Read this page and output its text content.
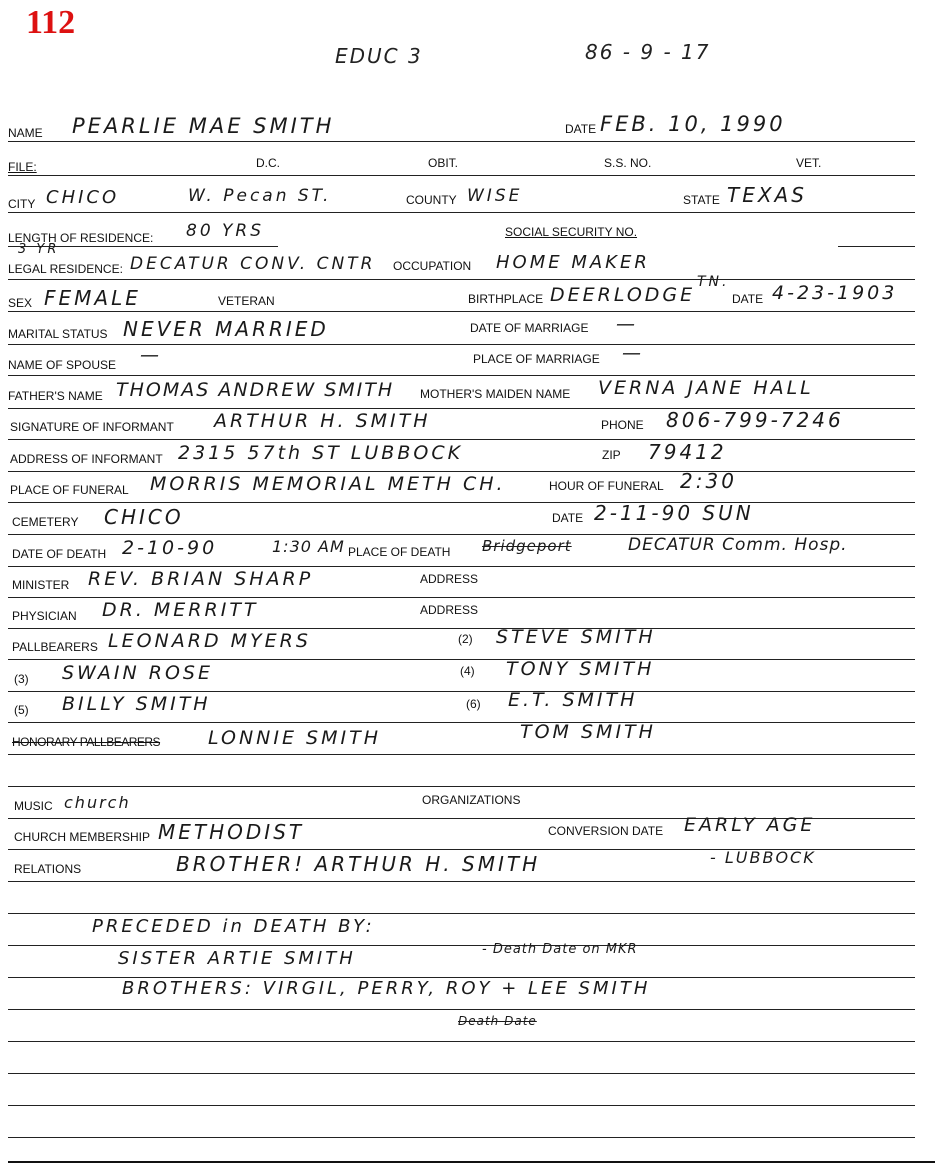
112
EDUC 3	86 - 9 - 17
NAME PEARLIE MAE SMITH	DATE FEB. 10, 1990
FILE:	D.C.	OBIT.	S.S. NO.	VET.
CITY CHICO	W. Pecan ST.	COUNTY WISE	STATE TEXAS
LENGTH OF RESIDENCE: 80 YRS	SOCIAL SECURITY NO.
3 YR
LEGAL RESIDENCE: DECATUR CONV. CNTR OCCUPATION HOME MAKER
SEX FEMALE	VETERAN	BIRTHPLACE DEERLODGE
TN.
DATE 4-23-1903
MARITAL STATUS NEVER MARRIED	DATE OF MARRIAGE —
NAME OF SPOUSE —	PLACE OF MARRIAGE —
FATHER'S NAME THOMAS ANDREW SMITH MOTHER'S MAIDEN NAME VERNA JANE HALL
SIGNATURE OF INFORMANT ARTHUR H. SMITH	PHONE 806-799-7246
ADDRESS OF INFORMANT 2315 57th ST LUBBOCK	ZIP 79412
PLACE OF FUNERAL MORRIS MEMORIAL METH CH.	HOUR OF FUNERAL 2:30
CEMETERY CHICO	DATE 2-11-90 SUN
DATE OF DEATH 2-10-90	1:30 AM PLACE OF DEATH Bridgeport	DECATUR Comm. Hosp.
MINISTER REV. BRIAN SHARP	ADDRESS
PHYSICIAN DR. MERRITT	ADDRESS
PALLBEARERS LEONARD MYERS	(2) STEVE SMITH
(3) SWAIN ROSE	(4) TONY SMITH
(5) BILLY SMITH	(6) E.T. SMITH
HONORARY PALLBEARERS	LONNIE SMITH	TOM SMITH
MUSIC church	ORGANIZATIONS
CHURCH MEMBERSHIP METHODIST	CONVERSION DATE EARLY AGE
RELATIONS	BROTHER! ARTHUR H. SMITH	- LUBBOCK
PRECEDED in DEATH BY:
SISTER ARTIE SMITH	- Death Date on MKR
BROTHERS: VIRGIL, PERRY, ROY + LEE SMITH
Death Date
